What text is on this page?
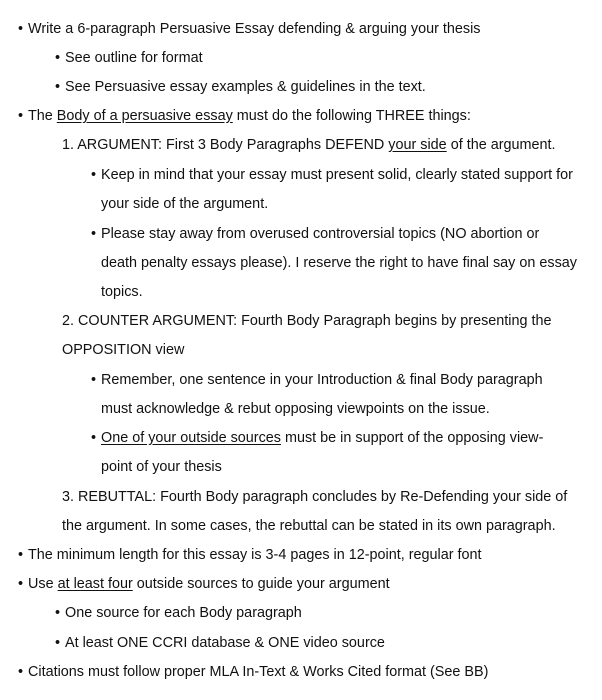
• Write a 6-paragraph Persuasive Essay defending & arguing your thesis
• See outline for format
• See Persuasive essay examples & guidelines in the text.
• The Body of a persuasive essay must do the following THREE things:
1. ARGUMENT: First 3 Body Paragraphs DEFEND your side of the argument.
• Keep in mind that your essay must present solid, clearly stated support for
your side of the argument.
• Please stay away from overused controversial topics (NO abortion or
death penalty essays please). I reserve the right to have final say on essay
topics.
2. COUNTER ARGUMENT: Fourth Body Paragraph begins by presenting the
OPPOSITION view
• Remember, one sentence in your Introduction & final Body paragraph
must acknowledge & rebut opposing viewpoints on the issue.
• One of your outside sources must be in support of the opposing view-
point of your thesis
3. REBUTTAL: Fourth Body paragraph concludes by Re-Defending your side of
the argument. In some cases, the rebuttal can be stated in its own paragraph.
• The minimum length for this essay is 3-4 pages in 12-point, regular font
• Use at least four outside sources to guide your argument
• One source for each Body paragraph
• At least ONE CCRI database & ONE video source
• Citations must follow proper MLA In-Text & Works Cited format (See BB)
